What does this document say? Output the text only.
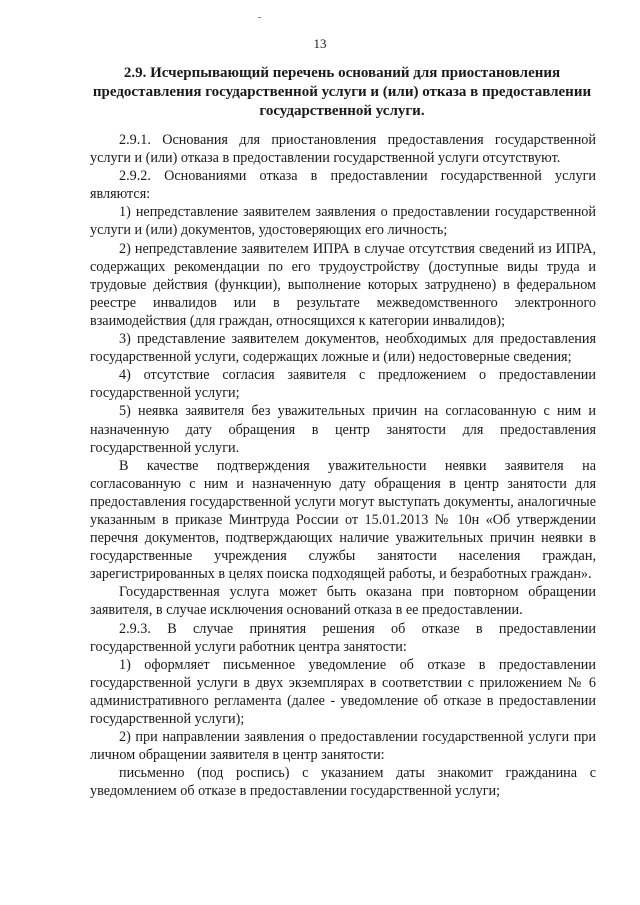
13
2.9. Исчерпывающий перечень оснований для приостановления предоставления государственной услуги и (или) отказа в предоставлении государственной услуги.

2.9.1. Основания для приостановления предоставления государственной услуги и (или) отказа в предоставлении государственной услуги отсутствуют.

2.9.2. Основаниями отказа в предоставлении государственной услуги являются:

1) непредставление заявителем заявления о предоставлении государственной услуги и (или) документов, удостоверяющих его личность;

2) непредставление заявителем ИПРА в случае отсутствия сведений из ИПРА, содержащих рекомендации по его трудоустройству (доступные виды труда и трудовые действия (функции), выполнение которых затруднено) в федеральном реестре инвалидов или в результате межведомственного электронного взаимодействия (для граждан, относящихся к категории инвалидов);

3) представление заявителем документов, необходимых для предоставления государственной услуги, содержащих ложные и (или) недостоверные сведения;

4) отсутствие согласия заявителя с предложением о предоставлении государственной услуги;

5) неявка заявителя без уважительных причин на согласованную с ним и назначенную дату обращения в центр занятости для предоставления государственной услуги.

В качестве подтверждения уважительности неявки заявителя на согласованную с ним и назначенную дату обращения в центр занятости для предоставления государственной услуги могут выступать документы, аналогичные указанным в приказе Минтруда России от 15.01.2013 № 10н «Об утверждении перечня документов, подтверждающих наличие уважительных причин неявки в государственные учреждения службы занятости населения граждан, зарегистрированных в целях поиска подходящей работы, и безработных граждан».

Государственная услуга может быть оказана при повторном обращении заявителя, в случае исключения оснований отказа в ее предоставлении.

2.9.3. В случае принятия решения об отказе в предоставлении государственной услуги работник центра занятости:

1) оформляет письменное уведомление об отказе в предоставлении государственной услуги в двух экземплярах в соответствии с приложением № 6 административного регламента (далее - уведомление об отказе в предоставлении государственной услуги);

2) при направлении заявления о предоставлении государственной услуги при личном обращении заявителя в центр занятости:

письменно (под роспись) с указанием даты знакомит гражданина с уведомлением об отказе в предоставлении государственной услуги;
